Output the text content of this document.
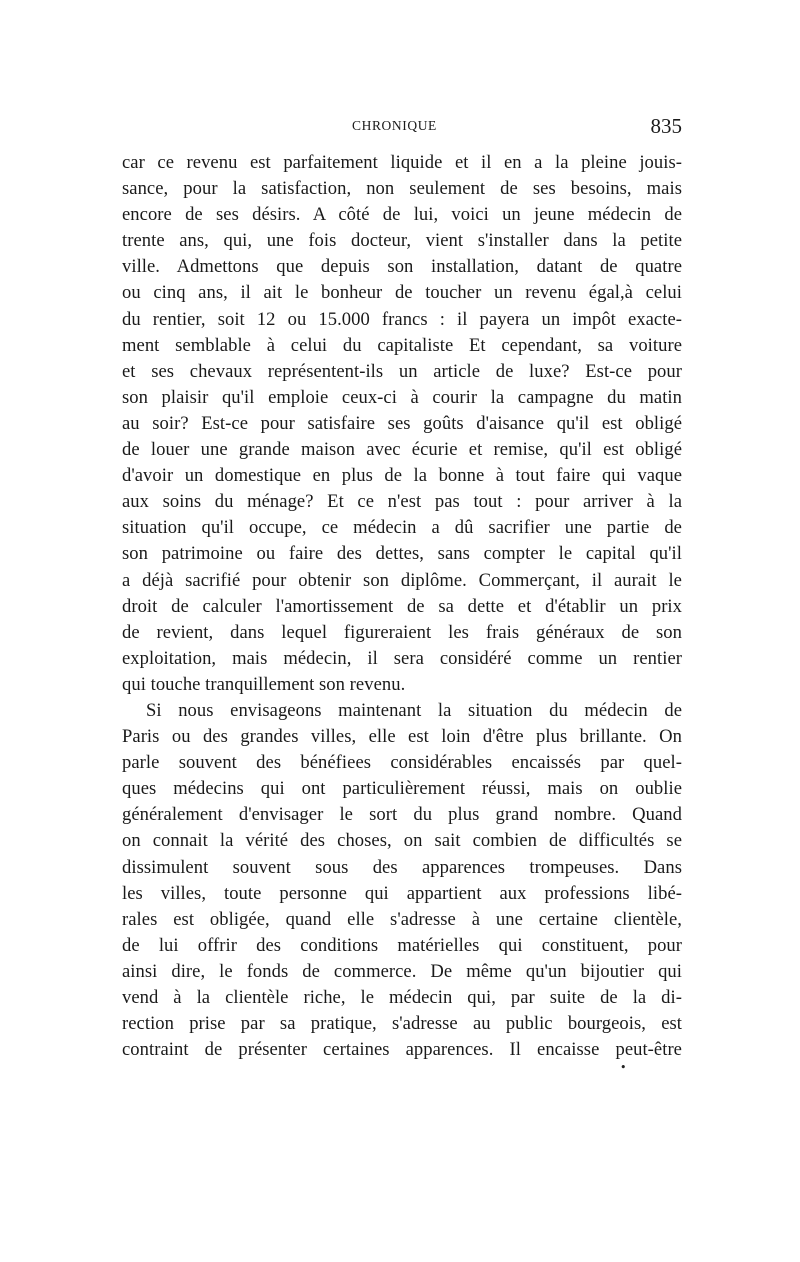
CHRONIQUE	835
car ce revenu est parfaitement liquide et il en a la pleine jouis-
sance, pour la satisfaction, non seulement de ses besoins, mais
encore de ses désirs. A côté de lui, voici un jeune médecin de
trente ans, qui, une fois docteur, vient s'installer dans la petite
ville. Admettons que depuis son installation, datant de quatre
ou cinq ans, il ait le bonheur de toucher un revenu égal,à celui
du rentier, soit 12 ou 15.000 francs : il payera un impôt exacte-
ment semblable à celui du capitaliste Et cependant, sa voiture
et ses chevaux représentent-ils un article de luxe? Est-ce pour
son plaisir qu'il emploie ceux-ci à courir la campagne du matin
au soir? Est-ce pour satisfaire ses goûts d'aisance qu'il est obligé
de louer une grande maison avec écurie et remise, qu'il est obligé
d'avoir un domestique en plus de la bonne à tout faire qui vaque
aux soins du ménage? Et ce n'est pas tout : pour arriver à la
situation qu'il occupe, ce médecin a dû sacrifier une partie de
son patrimoine ou faire des dettes, sans compter le capital qu'il
a déjà sacrifié pour obtenir son diplôme. Commerçant, il aurait le
droit de calculer l'amortissement de sa dette et d'établir un prix
de revient, dans lequel figureraient les frais généraux de son
exploitation, mais médecin, il sera considéré comme un rentier
qui touche tranquillement son revenu.
Si nous envisageons maintenant la situation du médecin de
Paris ou des grandes villes, elle est loin d'être plus brillante. On
parle souvent des bénéfiees considérables encaissés par quel-
ques médecins qui ont particulièrement réussi, mais on oublie
généralement d'envisager le sort du plus grand nombre. Quand
on connait la vérité des choses, on sait combien de difficultés se
dissimulent souvent sous des apparences trompeuses. Dans
les villes, toute personne qui appartient aux professions libé-
rales est obligée, quand elle s'adresse à une certaine clientèle,
de lui offrir des conditions matérielles qui constituent, pour
ainsi dire, le fonds de commerce. De même qu'un bijoutier qui
vend à la clientèle riche, le médecin qui, par suite de la di-
rection prise par sa pratique, s'adresse au public bourgeois, est
contraint de présenter certaines apparences. Il encaisse peut-être
•
